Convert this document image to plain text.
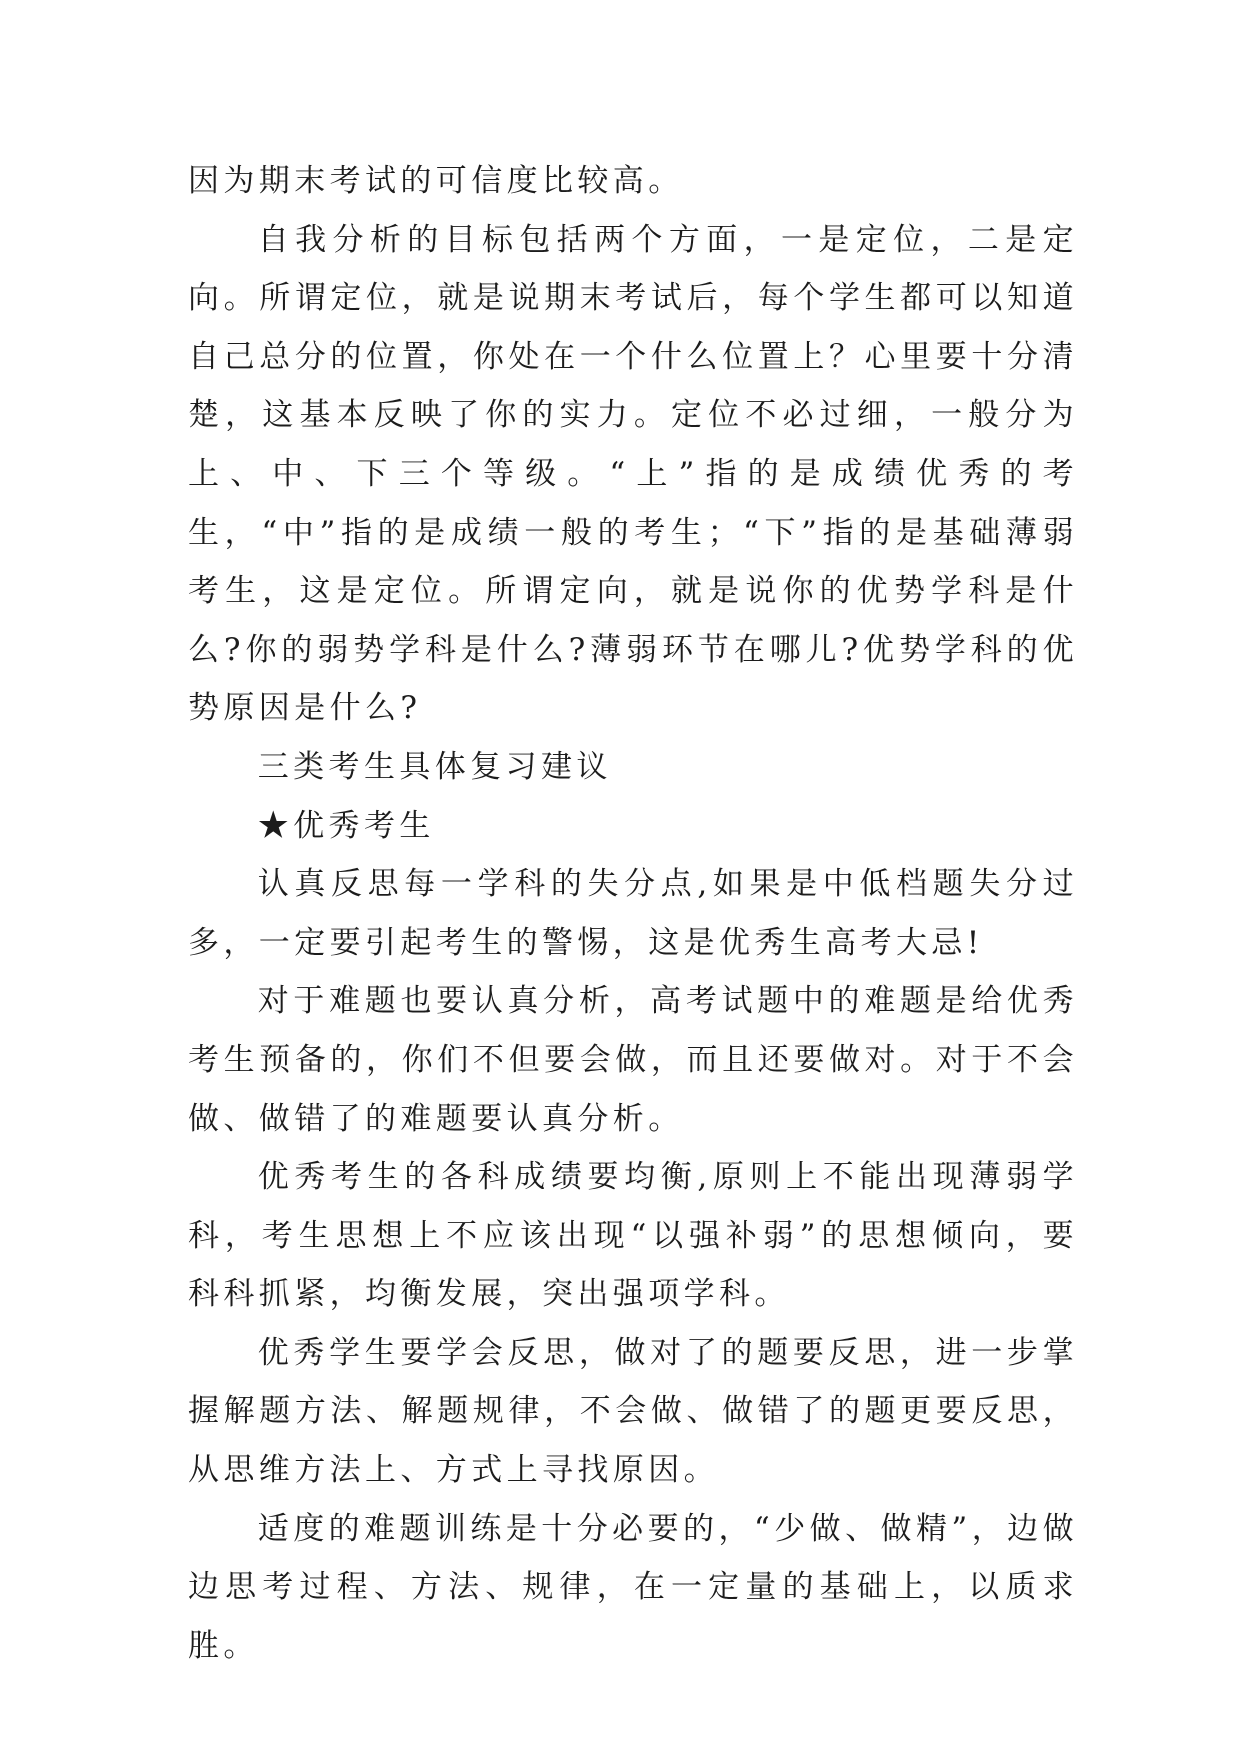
因为期末考试的可信度比较高。

自我分析的目标包括两个方面，一是定位，二是定向。所谓定位，就是说期末考试后，每个学生都可以知道自己总分的位置，你处在一个什么位置上？心里要十分清楚，这基本反映了你的实力。定位不必过细，一般分为上、中、下三个等级。“上”指的是成绩优秀的考生，“中”指的是成绩一般的考生；“下”指的是基础薄弱考生，这是定位。所谓定向，就是说你的优势学科是什么?你的弱势学科是什么?薄弱环节在哪儿?优势学科的优势原因是什么?

三类考生具体复习建议

★优秀考生

认真反思每一学科的失分点,如果是中低档题失分过多，一定要引起考生的警惕，这是优秀生高考大忌!

对于难题也要认真分析，高考试题中的难题是给优秀考生预备的，你们不但要会做，而且还要做对。对于不会做、做错了的难题要认真分析。

优秀考生的各科成绩要均衡,原则上不能出现薄弱学科，考生思想上不应该出现“以强补弱”的思想倾向，要科科抓紧，均衡发展，突出强项学科。

优秀学生要学会反思，做对了的题要反思，进一步掌握解题方法、解题规律，不会做、做错了的题更要反思，从思维方法上、方式上寻找原因。

适度的难题训练是十分必要的，“少做、做精”，边做边思考过程、方法、规律，在一定量的基础上，以质求胜。
